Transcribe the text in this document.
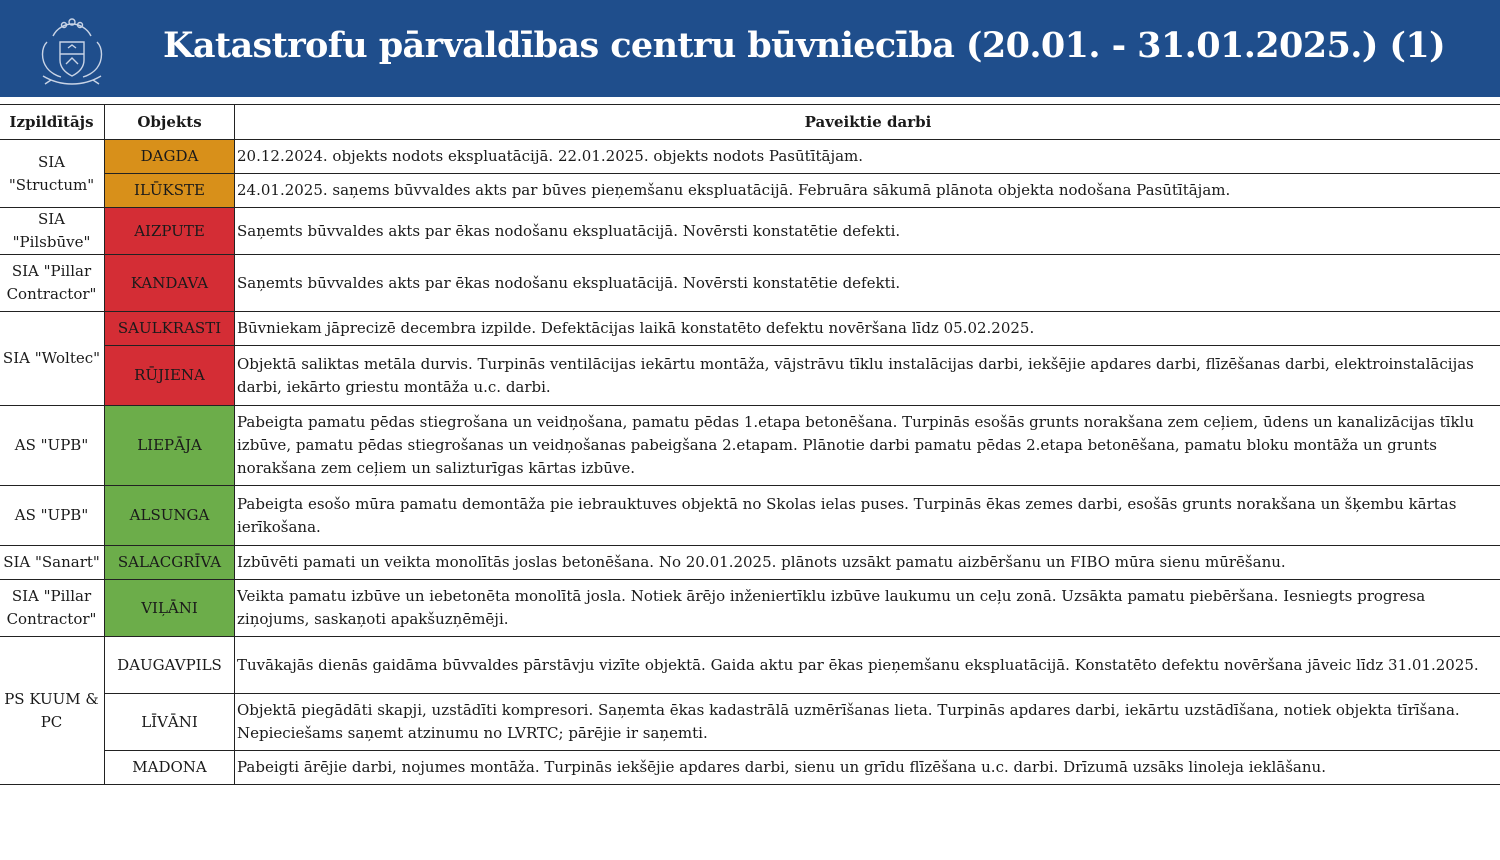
Katastrofu pārvaldības centru būvniecība (20.01. - 31.01.2025.) (1)
Izpildītājs	Objekts	Paveiktie darbi
SIA "Structum"	DAGDA	20.12.2024. objekts nodots ekspluatācijā. 22.01.2025. objekts nodots Pasūtītājam.
	ILŪKSTE	24.01.2025. saņems būvvaldes akts par būves pieņemšanu ekspluatācijā. Februāra sākumā plānota objekta nodošana Pasūtītājam.
SIA "Pilsbūve"	AIZPUTE	Saņemts būvvaldes akts par ēkas nodošanu ekspluatācijā. Novērsti konstatētie defekti.
SIA "Pillar Contractor"	KANDAVA	Saņemts būvvaldes akts par ēkas nodošanu ekspluatācijā. Novērsti konstatētie defekti.
SIA "Woltec"	SAULKRASTI	Būvniekam jāprecizē decembra izpilde. Defektācijas laikā konstatēto defektu novēršana līdz 05.02.2025.
	RŪJIENA	Objektā saliktas metāla durvis. Turpinās ventilācijas iekārtu montāža, vājstrāvu tīklu instalācijas darbi, iekšējie apdares darbi, flīzēšanas darbi, elektroinstalācijas darbi, iekārto griestu montāža u.c. darbi.
AS "UPB"	LIEPĀJA	Pabeigta pamatu pēdas stiegrošana un veidņošana, pamatu pēdas 1.etapa betonēšana. Turpinās esošās grunts norakšana zem ceļiem, ūdens un kanalizācijas tīklu izbūve, pamatu pēdas stiegrošanas un veidņošanas pabeigšana 2.etapam. Plānotie darbi pamatu pēdas 2.etapa betonēšana, pamatu bloku montāža un grunts norakšana zem ceļiem un salizturīgas kārtas izbūve.
AS "UPB"	ALSUNGA	Pabeigta esošo mūra pamatu demontāža pie iebrauktuves objektā no Skolas ielas puses. Turpinās ēkas zemes darbi, esošās grunts norakšana un šķembu kārtas ierīkošana.
SIA "Sanart"	SALACGRĪVA	Izbūvēti pamati un veikta monolītās joslas betonēšana. No 20.01.2025. plānots uzsākt pamatu aizbēršanu un FIBO mūra sienu mūrēšanu.
SIA "Pillar Contractor"	VIĻĀNI	Veikta pamatu izbūve un iebetonēta monolītā josla. Notiek ārējo inženiertīklu izbūve laukumu un ceļu zonā. Uzsākta pamatu piebēršana. Iesniegts progresa ziņojums, saskaņoti apakšuzņēmēji.
PS KUUM & PC	DAUGAVPILS	Tuvākajās dienās gaidāma būvvaldes pārstāvju vizīte objektā. Gaida aktu par ēkas pieņemšanu ekspluatācijā. Konstatēto defektu novēršana jāveic līdz 31.01.2025.
	LĪVĀNI	Objektā piegādāti skapji, uzstādīti kompresori. Saņemta ēkas kadastrālā uzmērīšanas lieta. Turpinās apdares darbi, iekārtu uzstādīšana, notiek objekta tīrīšana. Nepieciešams saņemt atzinumu no LVRTC; pārējie ir saņemti.
	MADONA	Pabeigti ārējie darbi, nojumes montāža. Turpinās iekšējie apdares darbi, sienu un grīdu flīzēšana u.c. darbi. Drīzumā uzsāks linoleja ieklāšanu.
